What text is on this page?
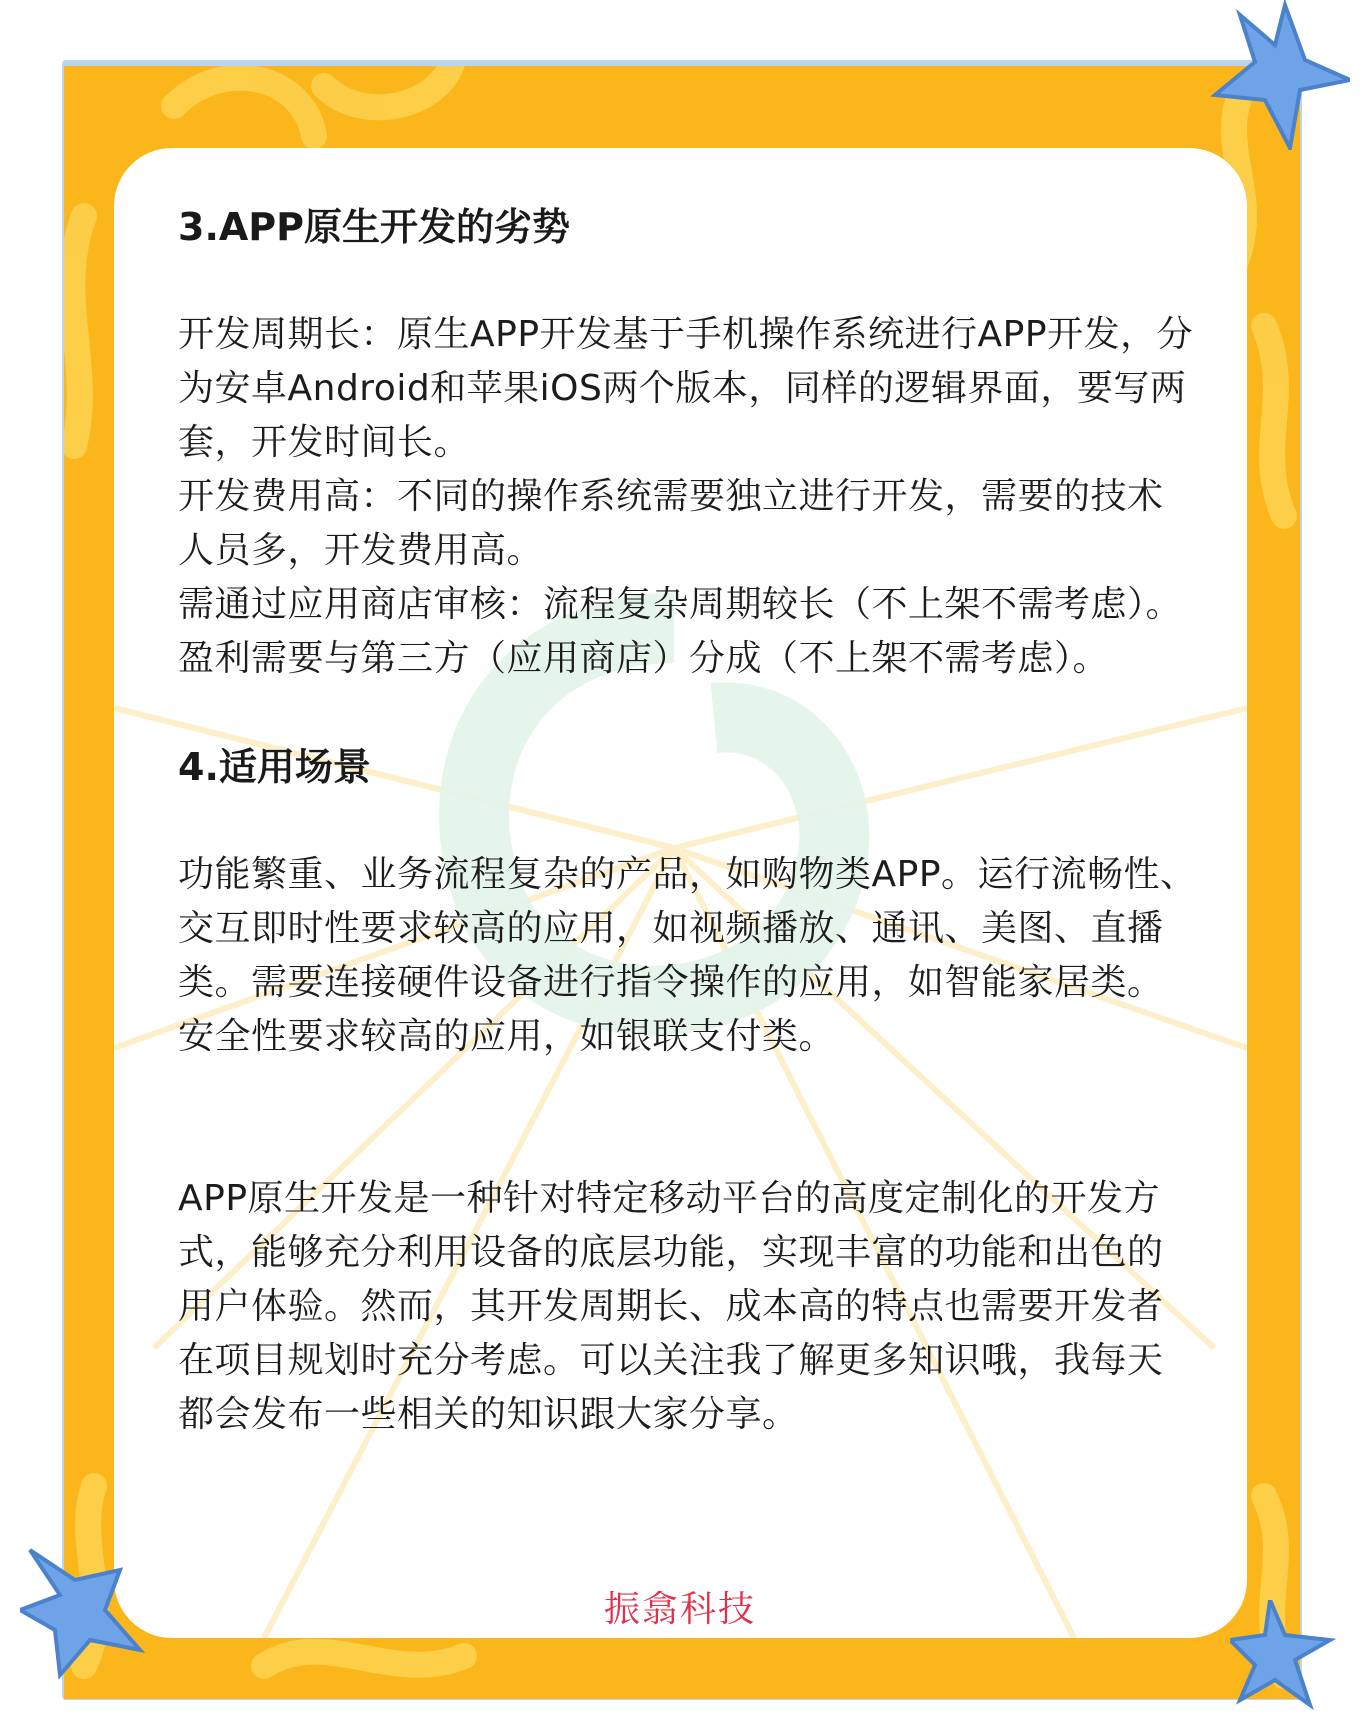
3.APP原生开发的劣势

开发周期长：原生APP开发基于手机操作系统进行APP开发，分为安卓Android和苹果iOS两个版本，同样的逻辑界面，要写两套，开发时间长。

开发费用高：不同的操作系统需要独立进行开发，需要的技术人员多，开发费用高。

需通过应用商店审核：流程复杂周期较长（不上架不需考虑）。

盈利需要与第三方（应用商店）分成（不上架不需考虑）。

4.适用场景

功能繁重、业务流程复杂的产品，如购物类APP。运行流畅性、交互即时性要求较高的应用，如视频播放、通讯、美图、直播类。需要连接硬件设备进行指令操作的应用，如智能家居类。安全性要求较高的应用，如银联支付类。

APP原生开发是一种针对特定移动平台的高度定制化的开发方式，能够充分利用设备的底层功能，实现丰富的功能和出色的用户体验。然而，其开发周期长、成本高的特点也需要开发者在项目规划时充分考虑。可以关注我了解更多知识哦，我每天都会发布一些相关的知识跟大家分享。

振翕科技
